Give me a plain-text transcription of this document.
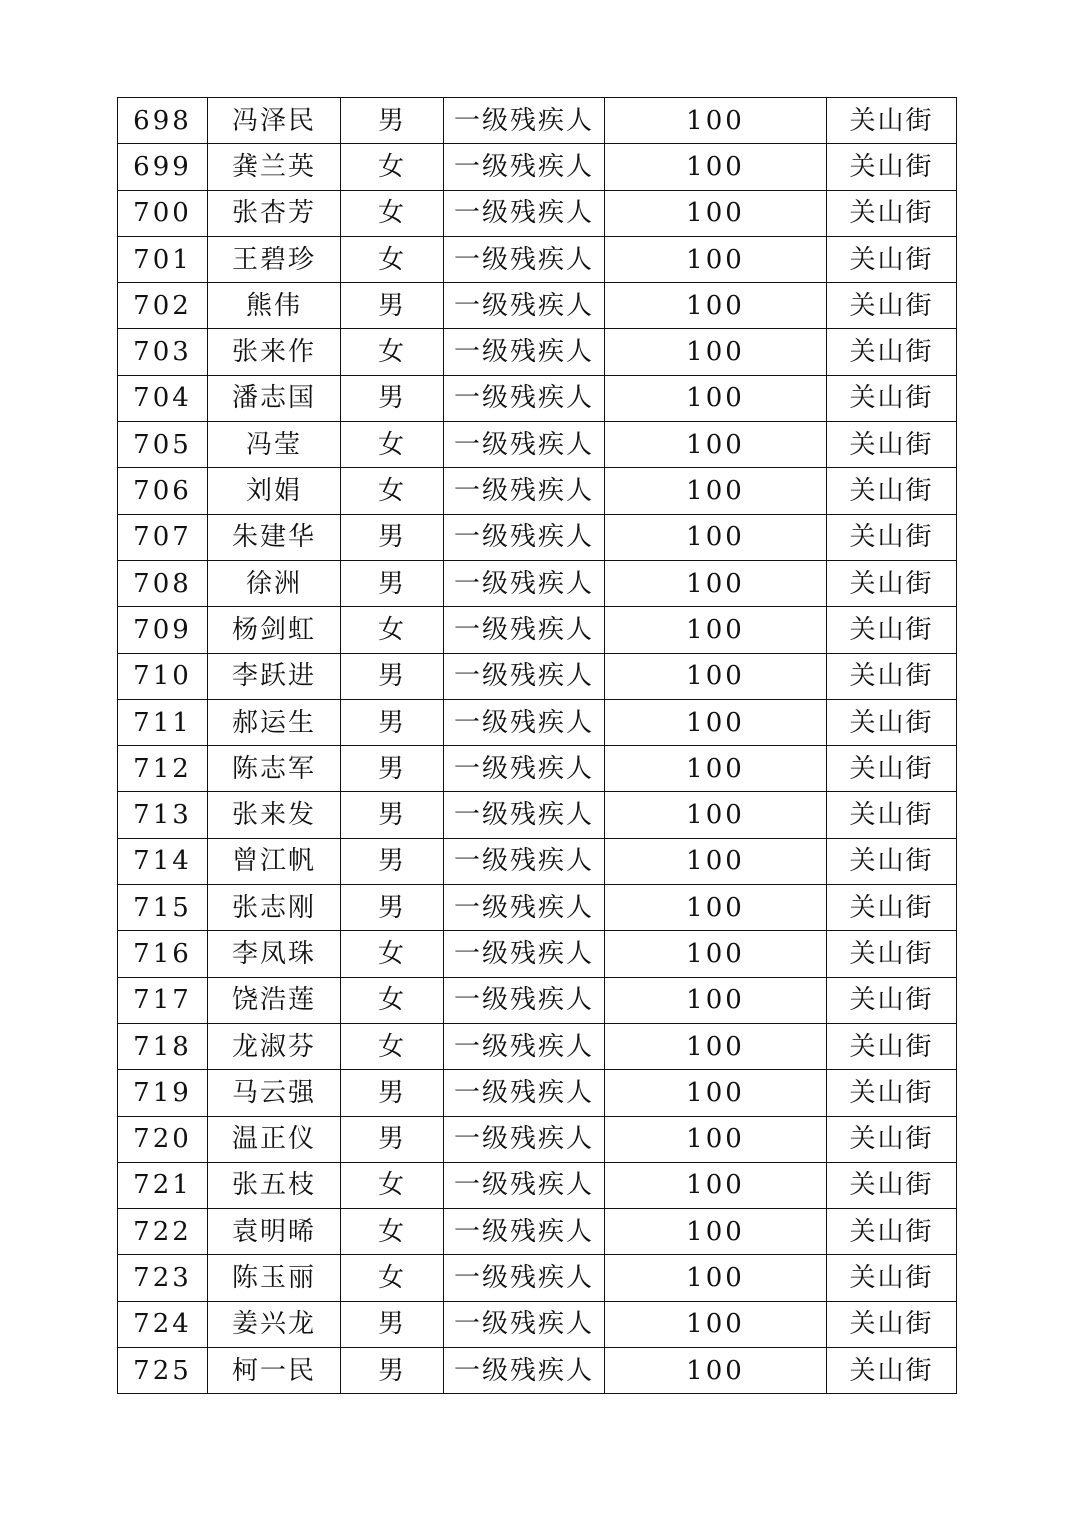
698	冯泽民	男	一级残疾人	100	关山街
699	龚兰英	女	一级残疾人	100	关山街
700	张杏芳	女	一级残疾人	100	关山街
701	王碧珍	女	一级残疾人	100	关山街
702	熊伟	男	一级残疾人	100	关山街
703	张来作	女	一级残疾人	100	关山街
704	潘志国	男	一级残疾人	100	关山街
705	冯莹	女	一级残疾人	100	关山街
706	刘娟	女	一级残疾人	100	关山街
707	朱建华	男	一级残疾人	100	关山街
708	徐洲	男	一级残疾人	100	关山街
709	杨剑虹	女	一级残疾人	100	关山街
710	李跃进	男	一级残疾人	100	关山街
711	郝运生	男	一级残疾人	100	关山街
712	陈志军	男	一级残疾人	100	关山街
713	张来发	男	一级残疾人	100	关山街
714	曾江帆	男	一级残疾人	100	关山街
715	张志刚	男	一级残疾人	100	关山街
716	李凤珠	女	一级残疾人	100	关山街
717	饶浩莲	女	一级残疾人	100	关山街
718	龙淑芬	女	一级残疾人	100	关山街
719	马云强	男	一级残疾人	100	关山街
720	温正仪	男	一级残疾人	100	关山街
721	张五枝	女	一级残疾人	100	关山街
722	袁明晞	女	一级残疾人	100	关山街
723	陈玉丽	女	一级残疾人	100	关山街
724	姜兴龙	男	一级残疾人	100	关山街
725	柯一民	男	一级残疾人	100	关山街
